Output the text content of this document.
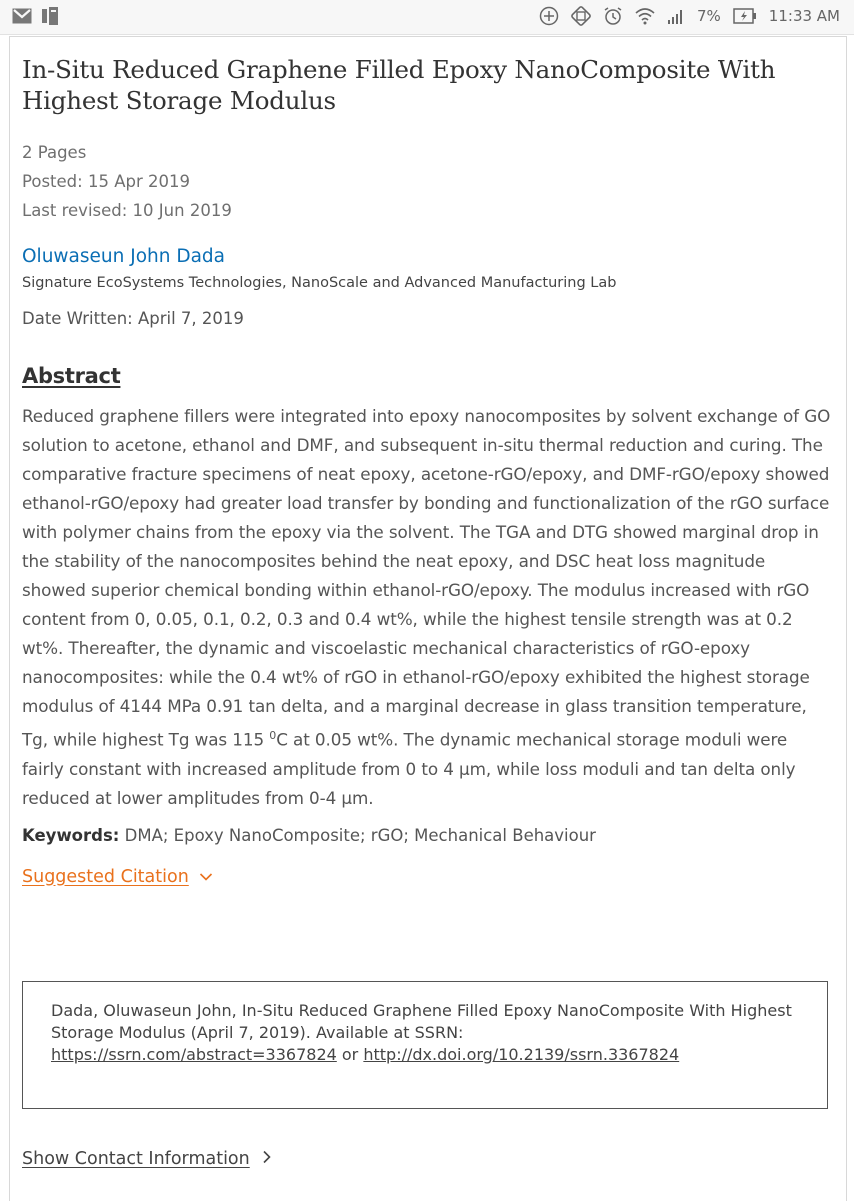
7%	11:33 AM
In-Situ Reduced Graphene Filled Epoxy NanoComposite With Highest Storage Modulus
2 Pages
Posted: 15 Apr 2019
Last revised: 10 Jun 2019
Oluwaseun John Dada
Signature EcoSystems Technologies, NanoScale and Advanced Manufacturing Lab
Date Written: April 7, 2019
Abstract
Reduced graphene fillers were integrated into epoxy nanocomposites by solvent exchange of GO solution to acetone, ethanol and DMF, and subsequent in-situ thermal reduction and curing. The comparative fracture specimens of neat epoxy, acetone-rGO/epoxy, and DMF-rGO/epoxy showed ethanol-rGO/epoxy had greater load transfer by bonding and functionalization of the rGO surface with polymer chains from the epoxy via the solvent. The TGA and DTG showed marginal drop in the stability of the nanocomposites behind the neat epoxy, and DSC heat loss magnitude showed superior chemical bonding within ethanol-rGO/epoxy. The modulus increased with rGO content from 0, 0.05, 0.1, 0.2, 0.3 and 0.4 wt%, while the highest tensile strength was at 0.2 wt%. Thereafter, the dynamic and viscoelastic mechanical characteristics of rGO-epoxy nanocomposites: while the 0.4 wt% of rGO in ethanol-rGO/epoxy exhibited the highest storage modulus of 4144 MPa 0.91 tan delta, and a marginal decrease in glass transition temperature, Tg, while highest Tg was 115 $^0$C at 0.05 wt%. The dynamic mechanical storage moduli were fairly constant with increased amplitude from 0 to 4 μm, while loss moduli and tan delta only reduced at lower amplitudes from 0-4 μm.
Keywords: DMA; Epoxy NanoComposite; rGO; Mechanical Behaviour
Suggested Citation
Dada, Oluwaseun John, In-Situ Reduced Graphene Filled Epoxy NanoComposite With Highest Storage Modulus (April 7, 2019). Available at SSRN:
https://ssrn.com/abstract=3367824 or http://dx.doi.org/10.2139/ssrn.3367824
Show Contact Information
